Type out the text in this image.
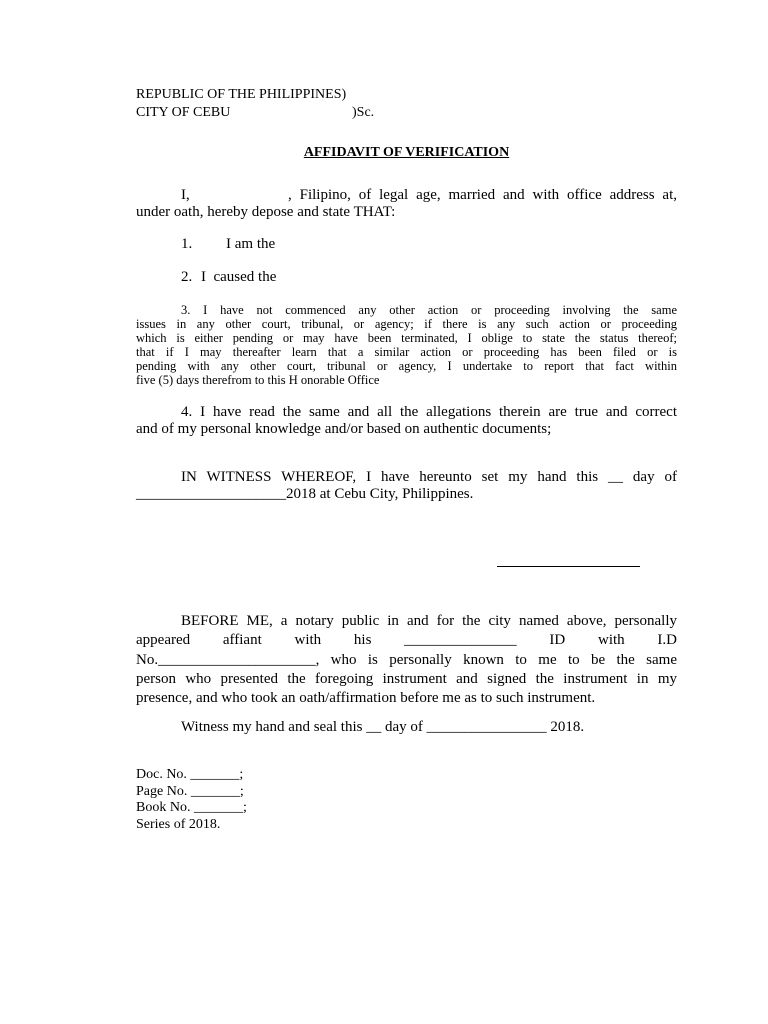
REPUBLIC OF THE PHILIPPINES)
CITY OF CEBU	)Sc.
AFFIDAVIT OF VERIFICATION
I,	, Filipino, of legal age, married and with office address at,
under oath, hereby depose and state THAT:
1. I am the
2. I  caused the
3. I have not commenced any other action or proceeding involving the same
issues in any other court, tribunal, or agency; if there is any such action or proceeding
which is either pending or may have been terminated, I oblige to state the status thereof;
that if I may thereafter learn that a similar action or proceeding has been filed or is
pending with any other court, tribunal or agency, I undertake to report that fact within
five (5) days therefrom to this H onorable Office
4. I have read the same and all the allegations therein are true and correct
and of my personal knowledge and/or based on authentic documents;
IN WITNESS WHEREOF, I have hereunto set my hand this __ day of
____________________2018 at Cebu City, Philippines.
BEFORE ME, a notary public in and for the city named above, personally
appeared affiant with his _______________ ID with I.D
No._____________________, who is personally known to me to be the same
person who presented the foregoing instrument and signed the instrument in my
presence, and who took an oath/affirmation before me as to such instrument.
Witness my hand and seal this __ day of ________________ 2018.
Doc. No. _______;
Page No. _______;
Book No. _______;
Series of 2018.
